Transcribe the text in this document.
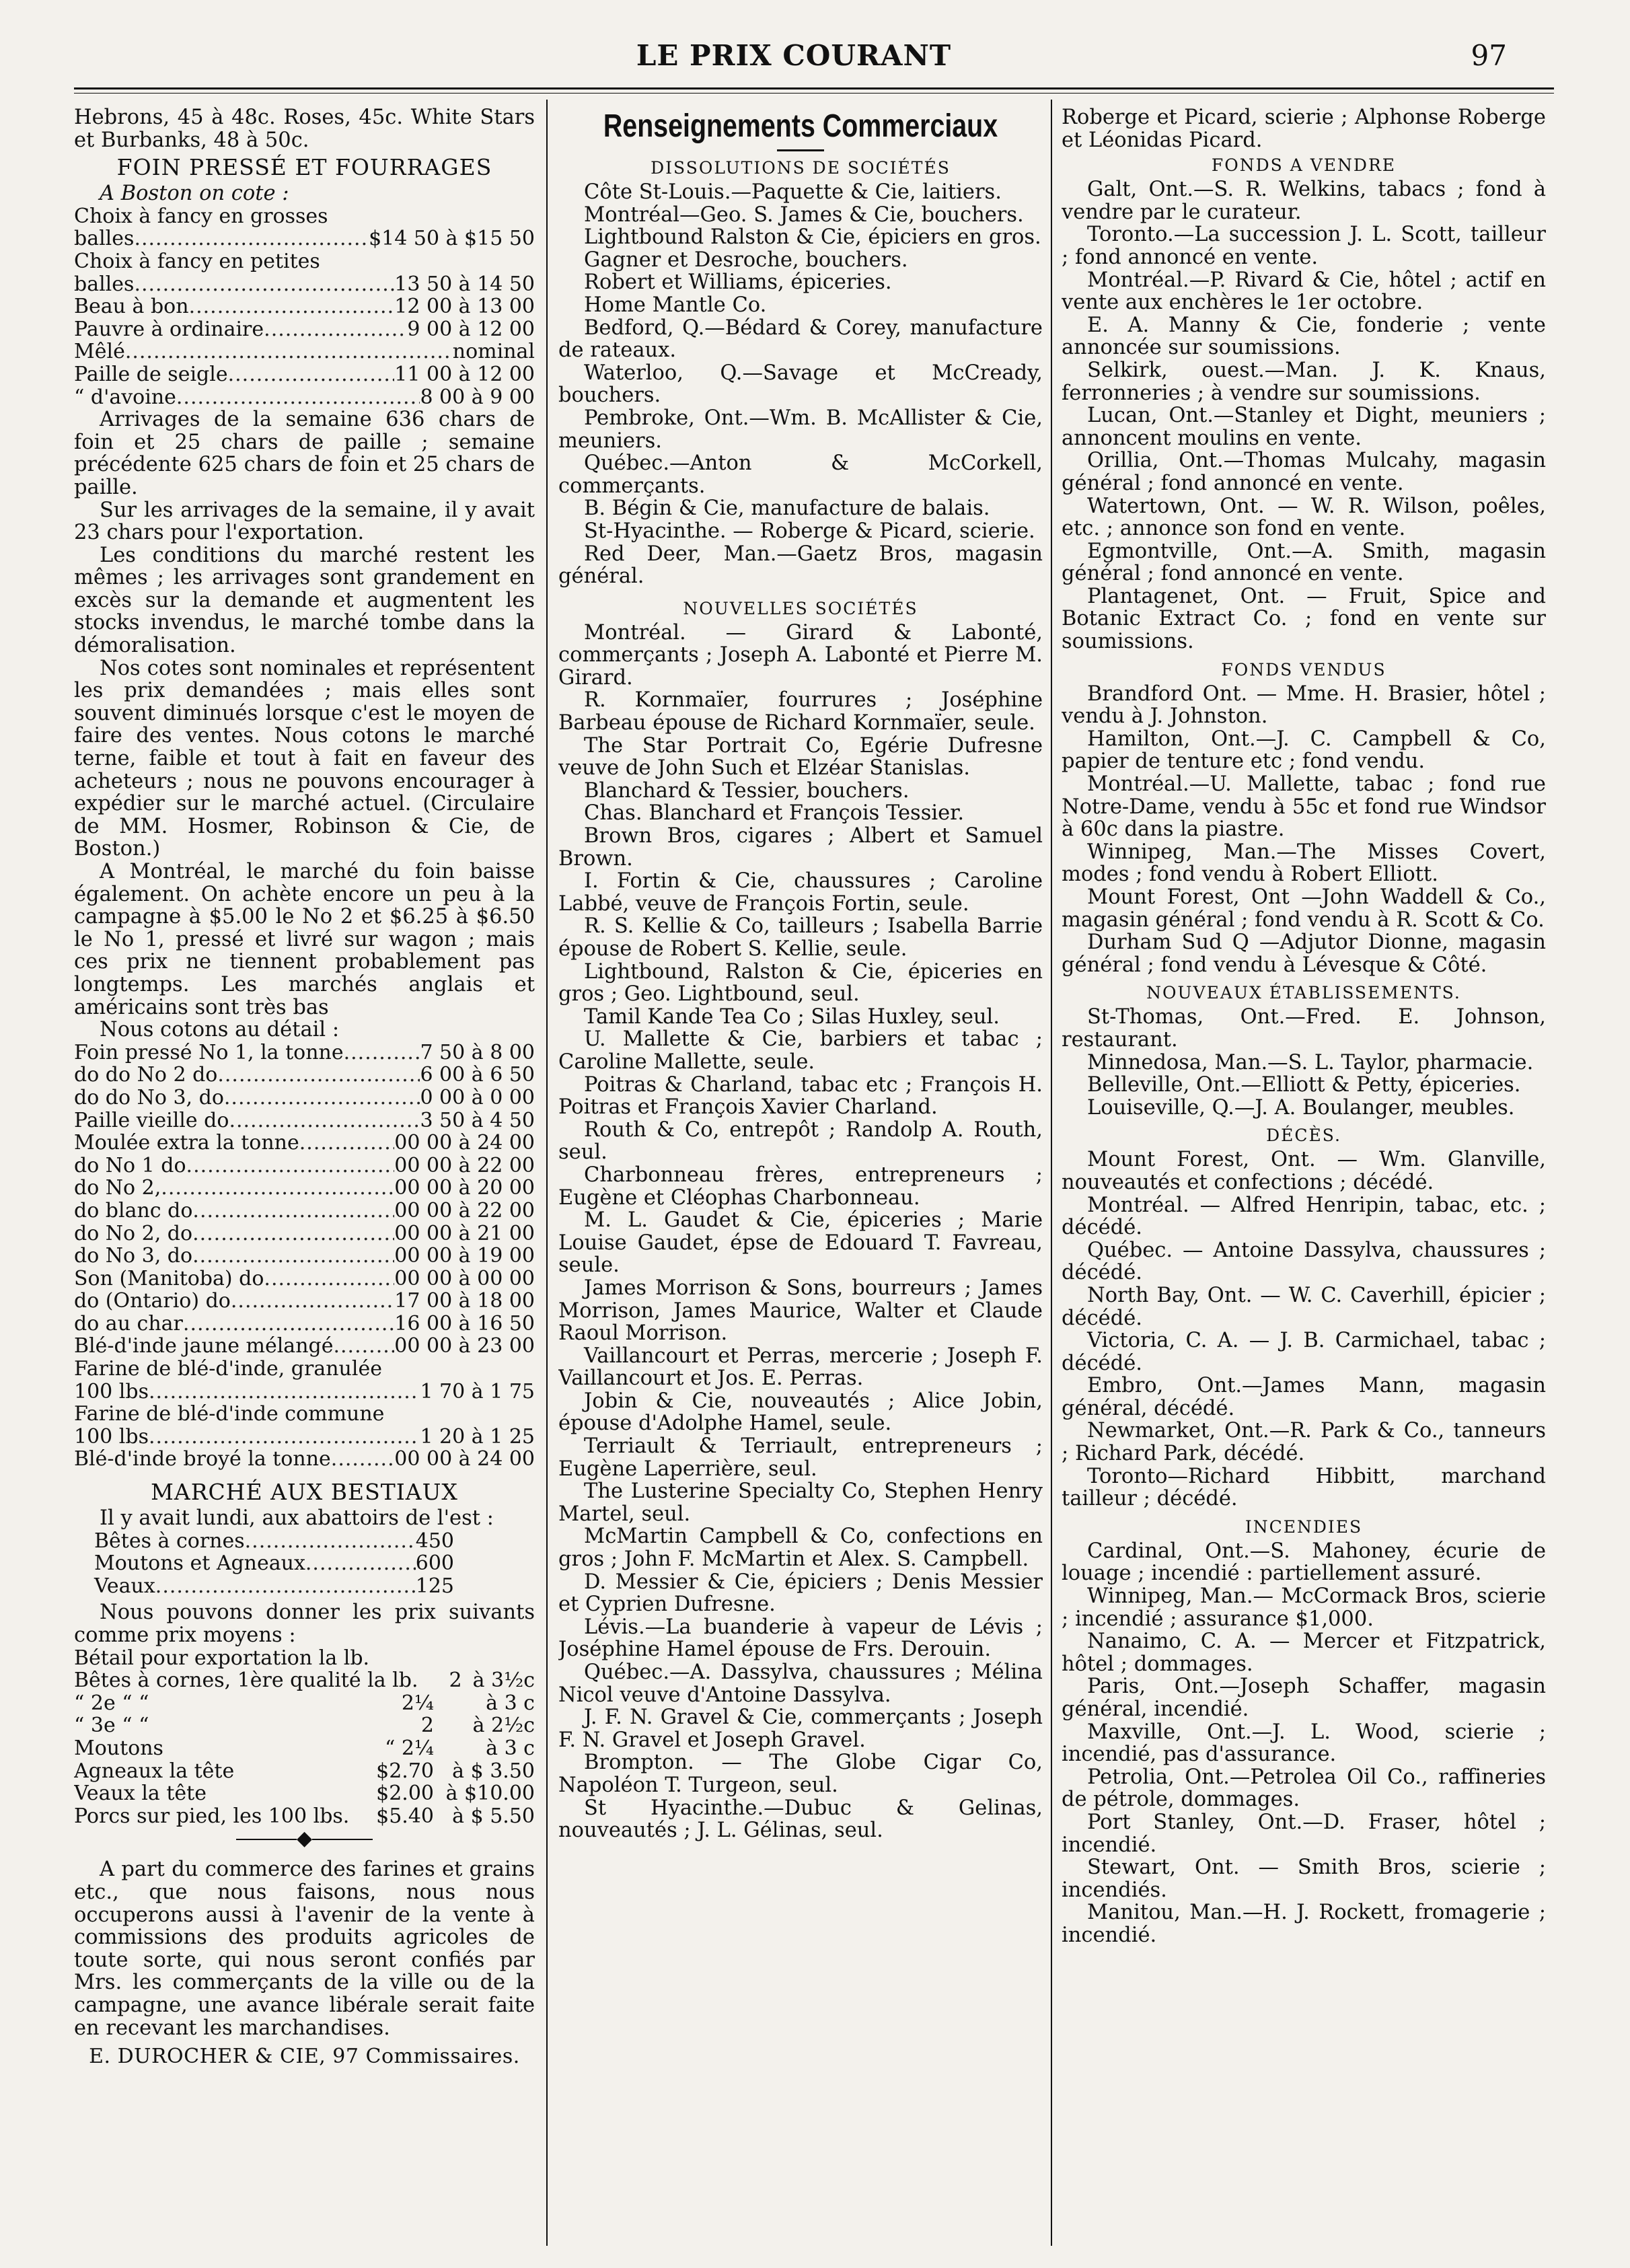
LE PRIX COURANT	97

Hebrons, 45 à 48c. Roses, 45c. White Stars et Burbanks, 48 à 50c.

FOIN PRESSÉ ET FOURRAGES

A Boston on cote :

Choix à fancy en grosses
balles .....	$14 50 à $15 50
Choix à fancy en petites
balles .....	13 50 à 14 50
Beau à bon .....	12 00 à 13 00
Pauvre à ordinaire .....	9 00 à 12 00
Mêlé .....	nominal
Paille de seigle .....	11 00 à 12 00
“ d'avoine .....	8 00 à 9 00

Arrivages de la semaine 636 chars de foin et 25 chars de paille ; semaine précédente 625 chars de foin et 25 chars de paille.

Sur les arrivages de la semaine, il y avait 23 chars pour l'exportation.

Les conditions du marché restent les mêmes ; les arrivages sont grandement en excès sur la demande et augmentent les stocks invendus, le marché tombe dans la démoralisation.

Nos cotes sont nominales et représentent les prix demandées ; mais elles sont souvent diminués lorsque c'est le moyen de faire des ventes. Nous cotons le marché terne, faible et tout à fait en faveur des acheteurs ; nous ne pouvons encourager à expédier sur le marché actuel. (Circulaire de MM. Hosmer, Robinson & Cie, de Boston.)

A Montréal, le marché du foin baisse également. On achète encore un peu à la campagne à $5.00 le No 2 et $6.25 à $6.50 le No 1, pressé et livré sur wagon ; mais ces prix ne tiennent probablement pas longtemps. Les marchés anglais et américains sont très bas

Nous cotons au détail :

Foin pressé No 1, la tonne .....	7 50 à 8 00
do do No 2 do .....	6 00 à 6 50
do do No 3, do .....	0 00 à 0 00
Paille vieille do .....	3 50 à 4 50
Moulée extra la tonne .....	00 00 à 24 00
do No 1 do .....	00 00 à 22 00
do No 2, .....	00 00 à 20 00
do blanc do .....	00 00 à 22 00
do No 2, do .....	00 00 à 21 00
do No 3, do .....	00 00 à 19 00
Son (Manitoba) do .....	00 00 à 00 00
do (Ontario) do .....	17 00 à 18 00
do au char .....	16 00 à 16 50
Blé-d'inde jaune mélangé .....	00 00 à 23 00
Farine de blé-d'inde, granulée
100 lbs .....	1 70 à 1 75
Farine de blé-d'inde commune
100 lbs .....	1 20 à 1 25
Blé-d'inde broyé la tonne .....	00 00 à 24 00
MARCHÉ AUX BESTIAUX

Il y avait lundi, aux abattoirs de l'est :

Bêtes à cornes .....	450
Moutons et Agneaux .....	600
Veaux .....	125

Nous pouvons donner les prix suivants comme prix moyens :

Bétail pour exportation la lb.
Bêtes à cornes, 1ère qualité la lb.	2 à 3½c
“ 2e “ “	2¼	à 3 c
“ 3e “ “	2	à 2½c
Moutons	“ 2¼	à 3 c
Agneaux la tête	$2.70 à $ 3.50
Veaux la tête	$2.00 à $10.00
Porcs sur pied, les 100 lbs.	$5.40 à $ 5.50
―――◆―――

A part du commerce des farines et grains etc., que nous faisons, nous nous occuperons aussi à l'avenir de la vente à commissions des produits agricoles de toute sorte, qui nous seront confiés par Mrs. les commerçants de la ville ou de la campagne, une avance libérale serait faite en recevant les marchandises.

E. DUROCHER & CIE, 97 Commissaires.
Renseignements Commerciaux
DISSOLUTIONS DE SOCIÉTÉS

Côte St-Louis.—Paquette & Cie, laitiers.

Montréal—Geo. S. James & Cie, bouchers.

Lightbound Ralston & Cie, épiciers en gros.

Gagner et Desroche, bouchers.

Robert et Williams, épiceries.

Home Mantle Co.

Bedford, Q.—Bédard & Corey, manufacture de rateaux.

Waterloo, Q.—Savage et McCready, bouchers.

Pembroke, Ont.—Wm. B. McAllister & Cie, meuniers.

Québec.—Anton & McCorkell, commerçants.

B. Bégin & Cie, manufacture de balais.

St-Hyacinthe. — Roberge & Picard, scierie.

Red Deer, Man.—Gaetz Bros, magasin général.

NOUVELLES SOCIÉTÉS

Montréal. — Girard & Labonté, commerçants ; Joseph A. Labonté et Pierre M. Girard.

R. Kornmaïer, fourrures ; Joséphine Barbeau épouse de Richard Kornmaïer, seule.

The Star Portrait Co, Egérie Dufresne veuve de John Such et Elzéar Stanislas.

Blanchard & Tessier, bouchers.

Chas. Blanchard et François Tessier.

Brown Bros, cigares ; Albert et Samuel Brown.

I. Fortin & Cie, chaussures ; Caroline Labbé, veuve de François Fortin, seule.

R. S. Kellie & Co, tailleurs ; Isabella Barrie épouse de Robert S. Kellie, seule.

Lightbound, Ralston & Cie, épiceries en gros ; Geo. Lightbound, seul.

Tamil Kande Tea Co ; Silas Huxley, seul.

U. Mallette & Cie, barbiers et tabac ; Caroline Mallette, seule.

Poitras & Charland, tabac etc ; François H. Poitras et François Xavier Charland.

Routh & Co, entrepôt ; Randolp A. Routh, seul.

Charbonneau frères, entrepreneurs ; Eugène et Cléophas Charbonneau.

M. L. Gaudet & Cie, épiceries ; Marie Louise Gaudet, épse de Edouard T. Favreau, seule.

James Morrison & Sons, bourreurs ; James Morrison, James Maurice, Walter et Claude Raoul Morrison.

Vaillancourt et Perras, mercerie ; Joseph F. Vaillancourt et Jos. E. Perras.

Jobin & Cie, nouveautés ; Alice Jobin, épouse d'Adolphe Hamel, seule.

Terriault & Terriault, entrepreneurs ; Eugène Laperrière, seul.

The Lusterine Specialty Co, Stephen Henry Martel, seul.

McMartin Campbell & Co, confections en gros ; John F. McMartin et Alex. S. Campbell.

D. Messier & Cie, épiciers ; Denis Messier et Cyprien Dufresne.

Lévis.—La buanderie à vapeur de Lévis ; Joséphine Hamel épouse de Frs. Derouin.

Québec.—A. Dassylva, chaussures ; Mélina Nicol veuve d'Antoine Dassylva.

J. F. N. Gravel & Cie, commerçants ; Joseph F. N. Gravel et Joseph Gravel.

Brompton. — The Globe Cigar Co, Napoléon T. Turgeon, seul.

St Hyacinthe.—Dubuc & Gelinas, nouveautés ; J. L. Gélinas, seul.

Roberge et Picard, scierie ; Alphonse Roberge et Léonidas Picard.

FONDS A VENDRE

Galt, Ont.—S. R. Welkins, tabacs ; fond à vendre par le curateur.

Toronto.—La succession J. L. Scott, tailleur ; fond annoncé en vente.

Montréal.—P. Rivard & Cie, hôtel ; actif en vente aux enchères le 1er octobre.

E. A. Manny & Cie, fonderie ; vente annoncée sur soumissions.

Selkirk, ouest.—Man. J. K. Knaus, ferronneries ; à vendre sur soumissions.

Lucan, Ont.—Stanley et Dight, meuniers ; annoncent moulins en vente.

Orillia, Ont.—Thomas Mulcahy, magasin général ; fond annoncé en vente.

Watertown, Ont. — W. R. Wilson, poêles, etc. ; annonce son fond en vente.

Egmontville, Ont.—A. Smith, magasin général ; fond annoncé en vente.

Plantagenet, Ont. — Fruit, Spice and Botanic Extract Co. ; fond en vente sur soumissions.

FONDS VENDUS

Brandford Ont. — Mme. H. Brasier, hôtel ; vendu à J. Johnston.

Hamilton, Ont.—J. C. Campbell & Co, papier de tenture etc ; fond vendu.

Montréal.—U. Mallette, tabac ; fond rue Notre-Dame, vendu à 55c et fond rue Windsor à 60c dans la piastre.

Winnipeg, Man.—The Misses Covert, modes ; fond vendu à Robert Elliott.

Mount Forest, Ont —John Waddell & Co., magasin général ; fond vendu à R. Scott & Co.

Durham Sud Q —Adjutor Dionne, magasin général ; fond vendu à Lévesque & Côté.

NOUVEAUX ÉTABLISSEMENTS.

St-Thomas, Ont.—Fred. E. Johnson, restaurant.

Minnedosa, Man.—S. L. Taylor, pharmacie.

Belleville, Ont.—Elliott & Petty, épiceries.

Louiseville, Q.—J. A. Boulanger, meubles.

DÉCÈS.

Mount Forest, Ont. — Wm. Glanville, nouveautés et confections ; décédé.

Montréal. — Alfred Henripin, tabac, etc. ; décédé.

Québec. — Antoine Dassylva, chaussures ; décédé.

North Bay, Ont. — W. C. Caverhill, épicier ; décédé.

Victoria, C. A. — J. B. Carmichael, tabac ; décédé.

Embro, Ont.—James Mann, magasin général, décédé.

Newmarket, Ont.—R. Park & Co., tanneurs ; Richard Park, décédé.

Toronto—Richard Hibbitt, marchand tailleur ; décédé.

INCENDIES

Cardinal, Ont.—S. Mahoney, écurie de louage ; incendié : partiellement assuré.

Winnipeg, Man.— McCormack Bros, scierie ; incendié ; assurance $1,000.

Nanaimo, C. A. — Mercer et Fitzpatrick, hôtel ; dommages.

Paris, Ont.—Joseph Schaffer, magasin général, incendié.

Maxville, Ont.—J. L. Wood, scierie ; incendié, pas d'assurance.

Petrolia, Ont.—Petrolea Oil Co., raffineries de pétrole, dommages.

Port Stanley, Ont.—D. Fraser, hôtel ; incendié.

Stewart, Ont. — Smith Bros, scierie ; incendiés.

Manitou, Man.—H. J. Rockett, fromagerie ; incendié.
